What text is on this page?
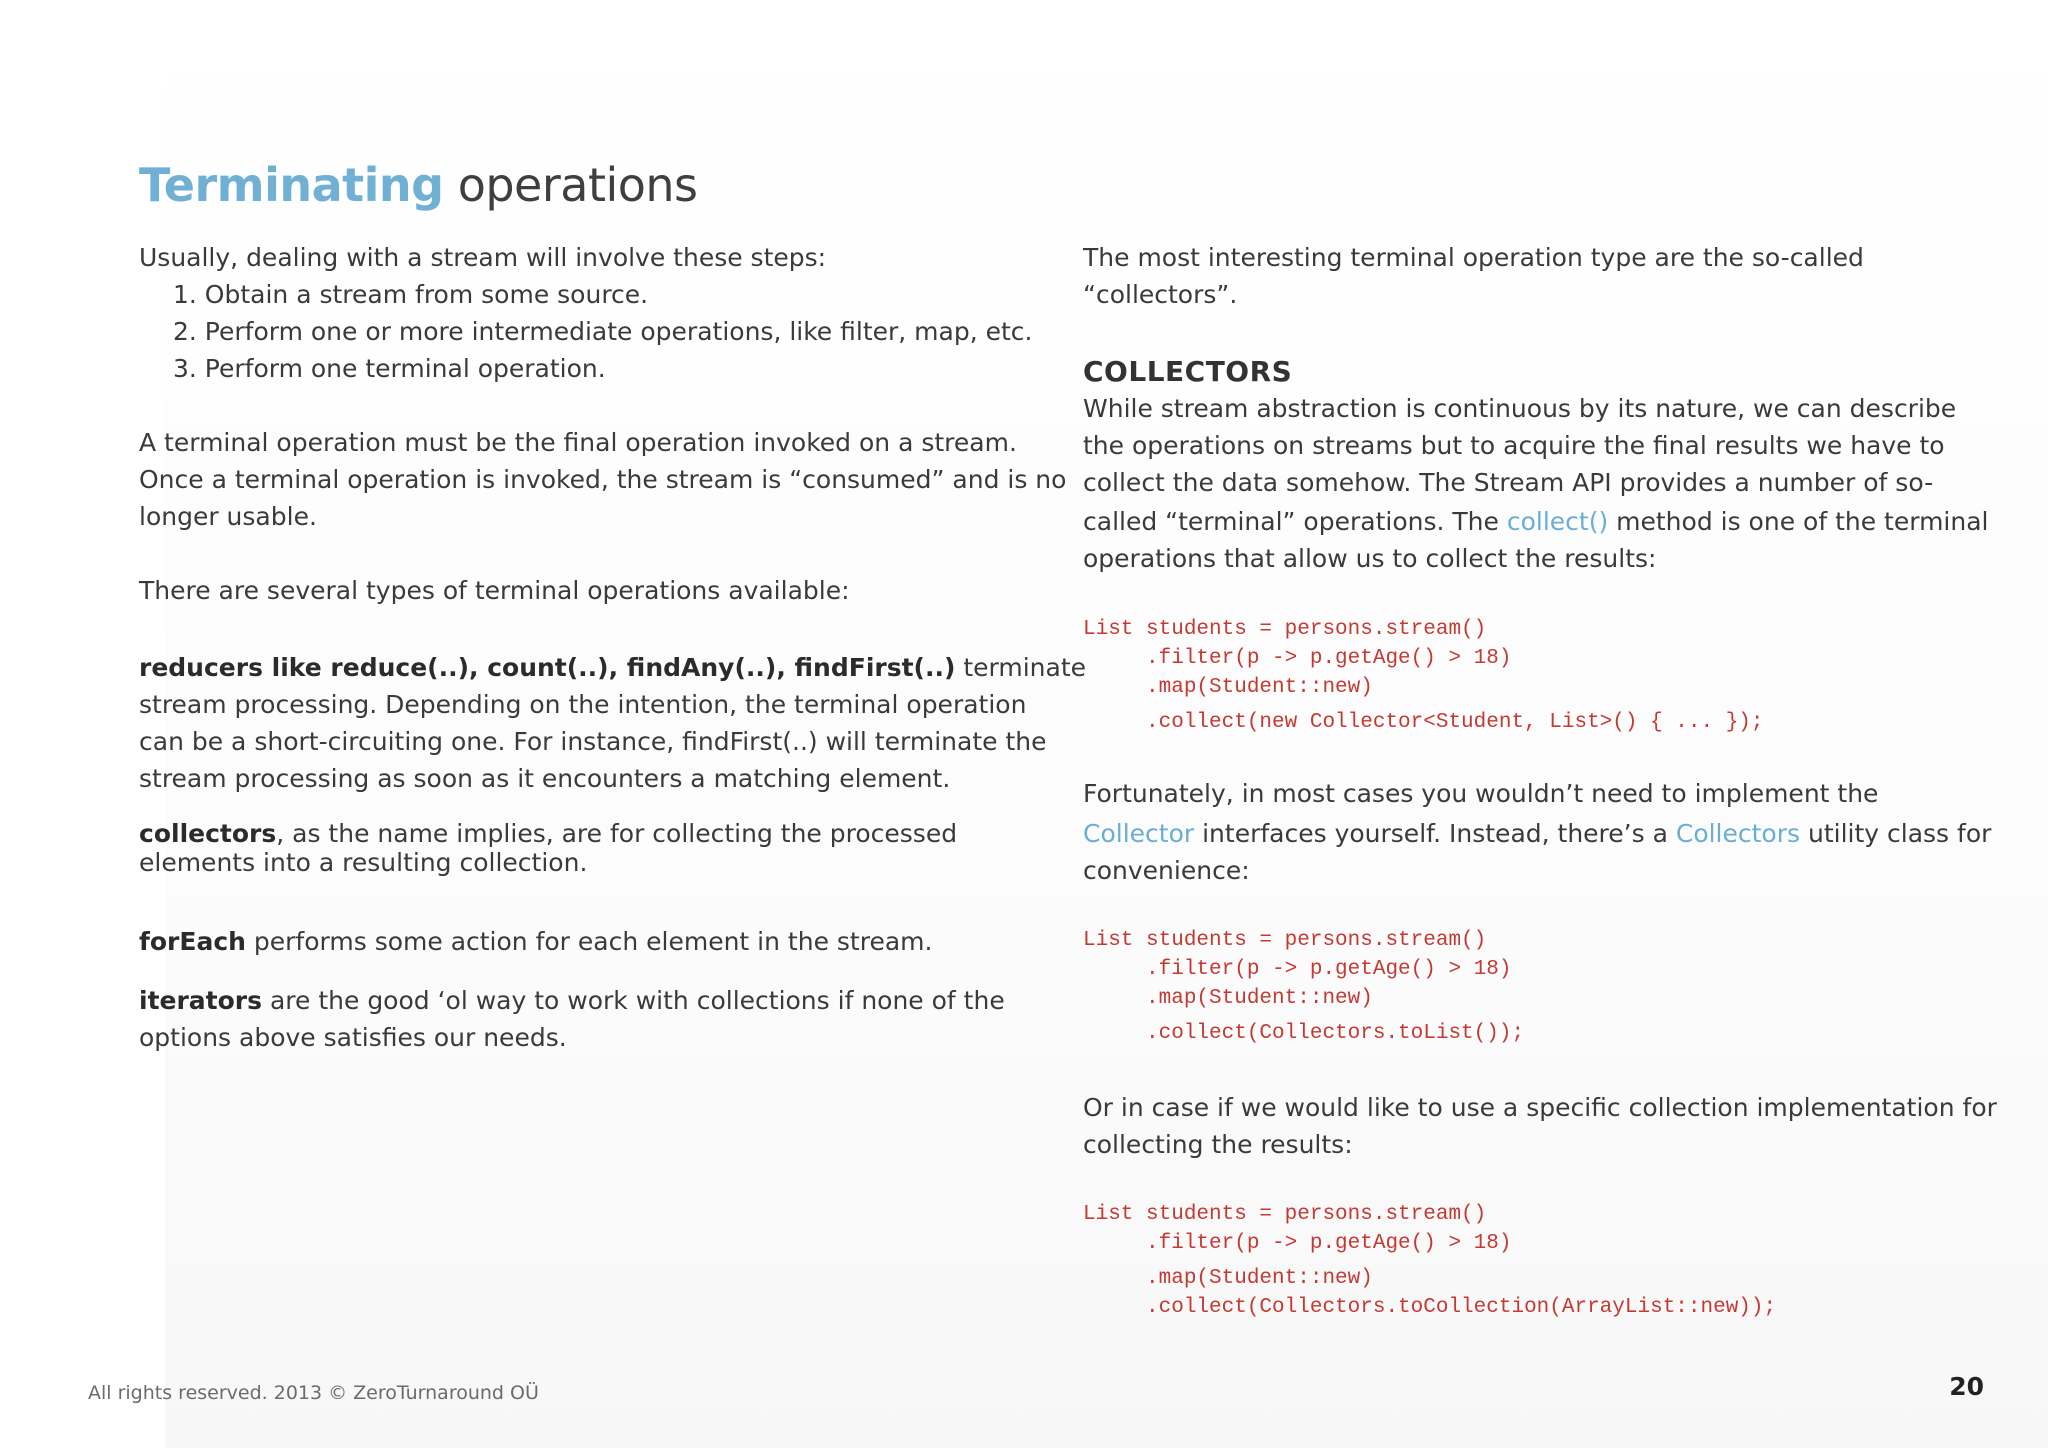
Terminating operations

Usually, dealing with a stream will involve these steps:

1. Obtain a stream from some source.
2. Perform one or more intermediate operations, like filter, map, etc.
3. Perform one terminal operation.

A terminal operation must be the final operation invoked on a stream.

Once a terminal operation is invoked, the stream is “consumed” and is no

longer usable.

There are several types of terminal operations available:

reducers like reduce(..), count(..), findAny(..), findFirst(..) terminate

stream processing. Depending on the intention, the terminal operation

can be a short-circuiting one. For instance, findFirst(..) will terminate the

stream processing as soon as it encounters a matching element.

collectors, as the name implies, are for collecting the processed

elements into a resulting collection.

forEach performs some action for each element in the stream.

iterators are the good ‘ol way to work with collections if none of the

options above satisfies our needs.

The most interesting terminal operation type are the so-called

“collectors”.

COLLECTORS

While stream abstraction is continuous by its nature, we can describe

the operations on streams but to acquire the final results we have to

collect the data somehow. The Stream API provides a number of so-

called “terminal” operations. The collect() method is one of the terminal

operations that allow us to collect the results:

List students = persons.stream()

.filter(p -> p.getAge() > 18)

.map(Student::new)

.collect(new Collector<Student, List>() { ... });

Fortunately, in most cases you wouldn’t need to implement the

Collector interfaces yourself. Instead, there’s a Collectors utility class for

convenience:

List students = persons.stream()

.filter(p -> p.getAge() > 18)

.map(Student::new)

.collect(Collectors.toList());

Or in case if we would like to use a specific collection implementation for

collecting the results:

List students = persons.stream()

.filter(p -> p.getAge() > 18)

.map(Student::new)

.collect(Collectors.toCollection(ArrayList::new));

All rights reserved. 2013 © ZeroTurnaround OÜ	20
